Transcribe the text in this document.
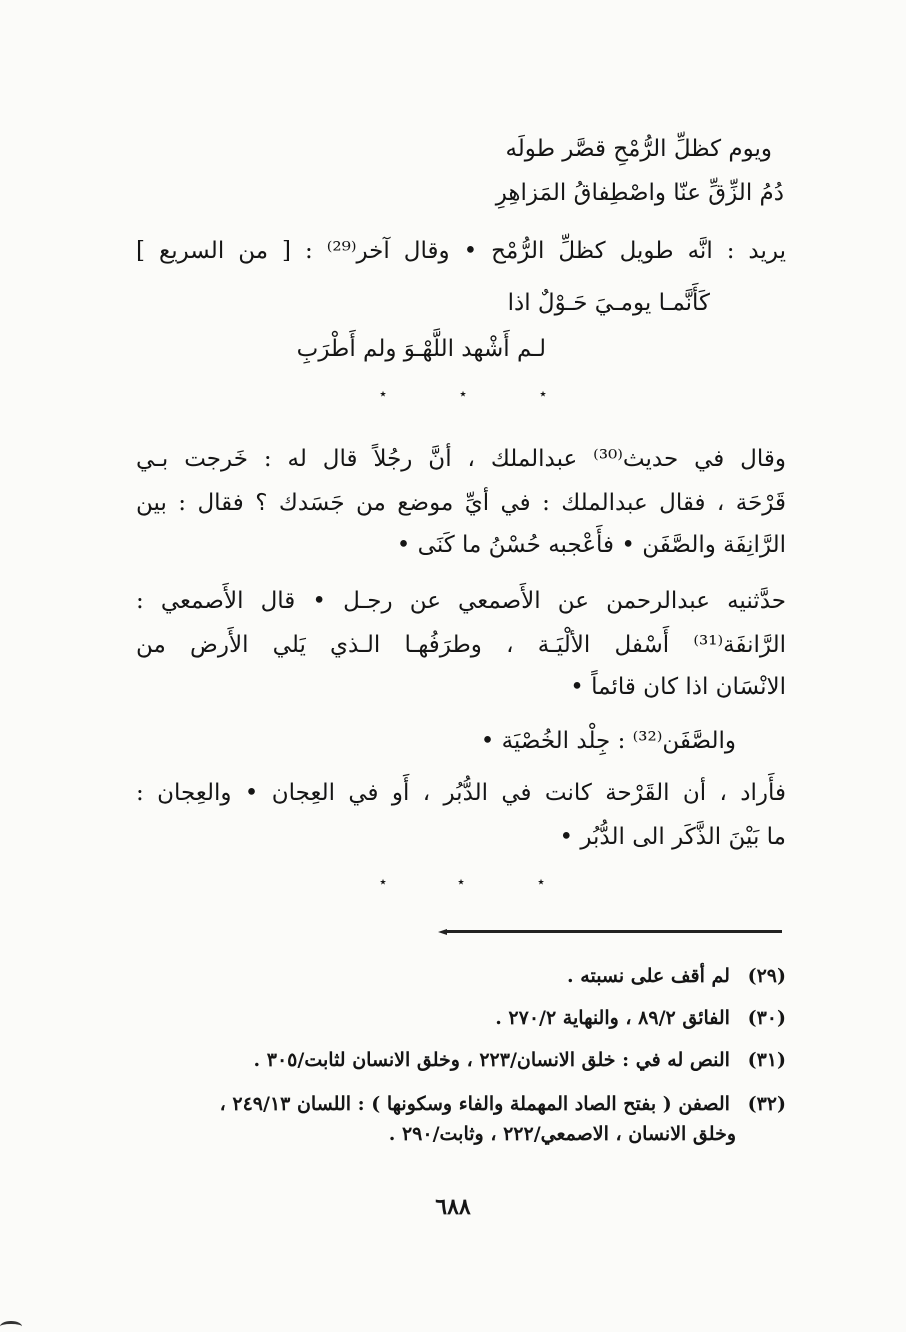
ويوم كظلِّ الرُّمْحِ قصَّر طولَه
دُمُ الزِّقِّ عنّا واصْطِفاقُ المَزاهِرِ
يريد : انَّه طويل كظلِّ الرُّمْح • وقال آخر⁽²⁹⁾ : [ من السريع ]
كَأَنَّمـا يومـيَ حَـوْلٌ اذا
لـم أَشْهد اللَّهْـوَ ولم أَطْرَبِ
⋆	⋆	⋆
وقال في حديث⁽³⁰⁾ عبدالملك ، أنَّ رجُلاً قال له : خَرجت بـي
قَرْحَة ، فقال عبدالملك : في أيِّ موضع من جَسَدك ؟ فقال : بين
الرَّانِفَة والصَّفَن • فأَعْجبه حُسْنُ ما كَنَى •
حدَّثنيه عبدالرحمن عن الأَصمعي عن رجـل • قال الأَصمعي :
الرَّانفَة⁽³¹⁾ أَسْفل الألْيَـة ، وطرَفُهـا الـذي يَلي الأَرض من
الانْسَان اذا كان قائماً •
والصَّفَن⁽³²⁾ : جِلْد الخُصْيَة •
فأَراد ، أن القَرْحة كانت في الدُّبُر ، أَو في العِجان • والعِجان :
ما بَيْنَ الذَّكَر الى الدُّبُر •
⋆	⋆	⋆
(٢٩) لم أقف على نسبته .
(٣٠) الفائق ٨٩/٢ ، والنهاية ٢٧٠/٢ .
(٣١) النص له في : خلق الانسان/٢٢٣ ، وخلق الانسان لثابت/٣٠٥ .
(٣٢) الصفن ( بفتح الصاد المهملة والفاء وسكونها ) : اللسان ٢٤٩/١٣ ،
وخلق الانسان ، الاصمعي/٢٢٢ ، وثابت/٢٩٠ .
٦٨٨
